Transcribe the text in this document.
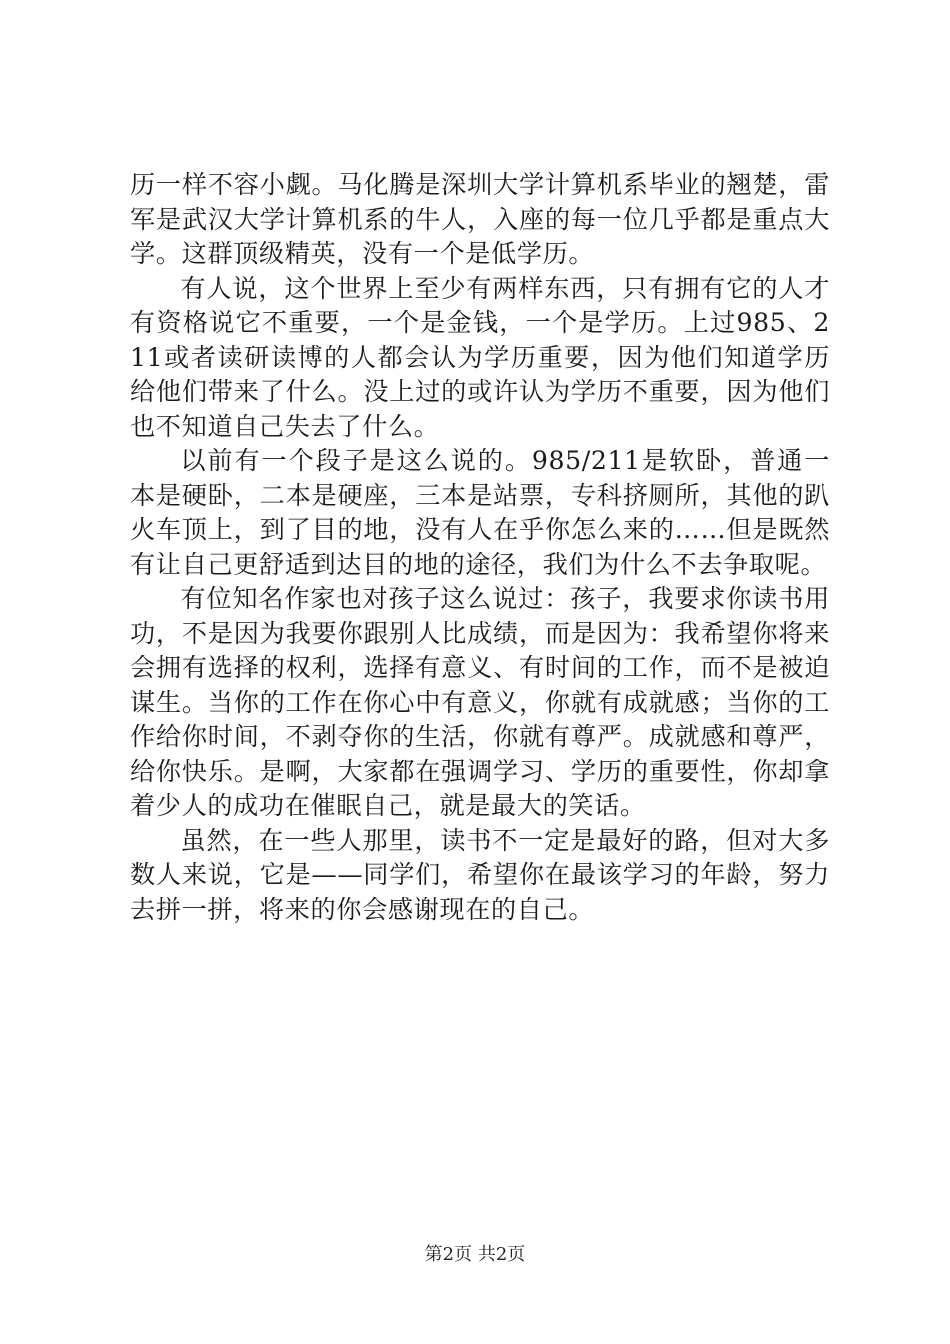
历一样不容小觑。马化腾是深圳大学计算机系毕业的翘楚，雷军是武汉大学计算机系的牛人，入座的每一位几乎都是重点大学。这群顶级精英，没有一个是低学历。

有人说，这个世界上至少有两样东西，只有拥有它的人才有资格说它不重要，一个是金钱，一个是学历。上过985、211或者读研读博的人都会认为学历重要，因为他们知道学历给他们带来了什么。没上过的或许认为学历不重要，因为他们也不知道自己失去了什么。

以前有一个段子是这么说的。985/211是软卧，普通一本是硬卧，二本是硬座，三本是站票，专科挤厕所，其他的趴火车顶上，到了目的地，没有人在乎你怎么来的……但是既然有让自己更舒适到达目的地的途径，我们为什么不去争取呢。

有位知名作家也对孩子这么说过：孩子，我要求你读书用功，不是因为我要你跟别人比成绩，而是因为：我希望你将来会拥有选择的权利，选择有意义、有时间的工作，而不是被迫谋生。当你的工作在你心中有意义，你就有成就感；当你的工作给你时间，不剥夺你的生活，你就有尊严。成就感和尊严，给你快乐。是啊，大家都在强调学习、学历的重要性，你却拿着少人的成功在催眠自己，就是最大的笑话。

虽然，在一些人那里，读书不一定是最好的路，但对大多数人来说，它是——同学们，希望你在最该学习的年龄，努力去拼一拼，将来的你会感谢现在的自己。

第2页 共2页
